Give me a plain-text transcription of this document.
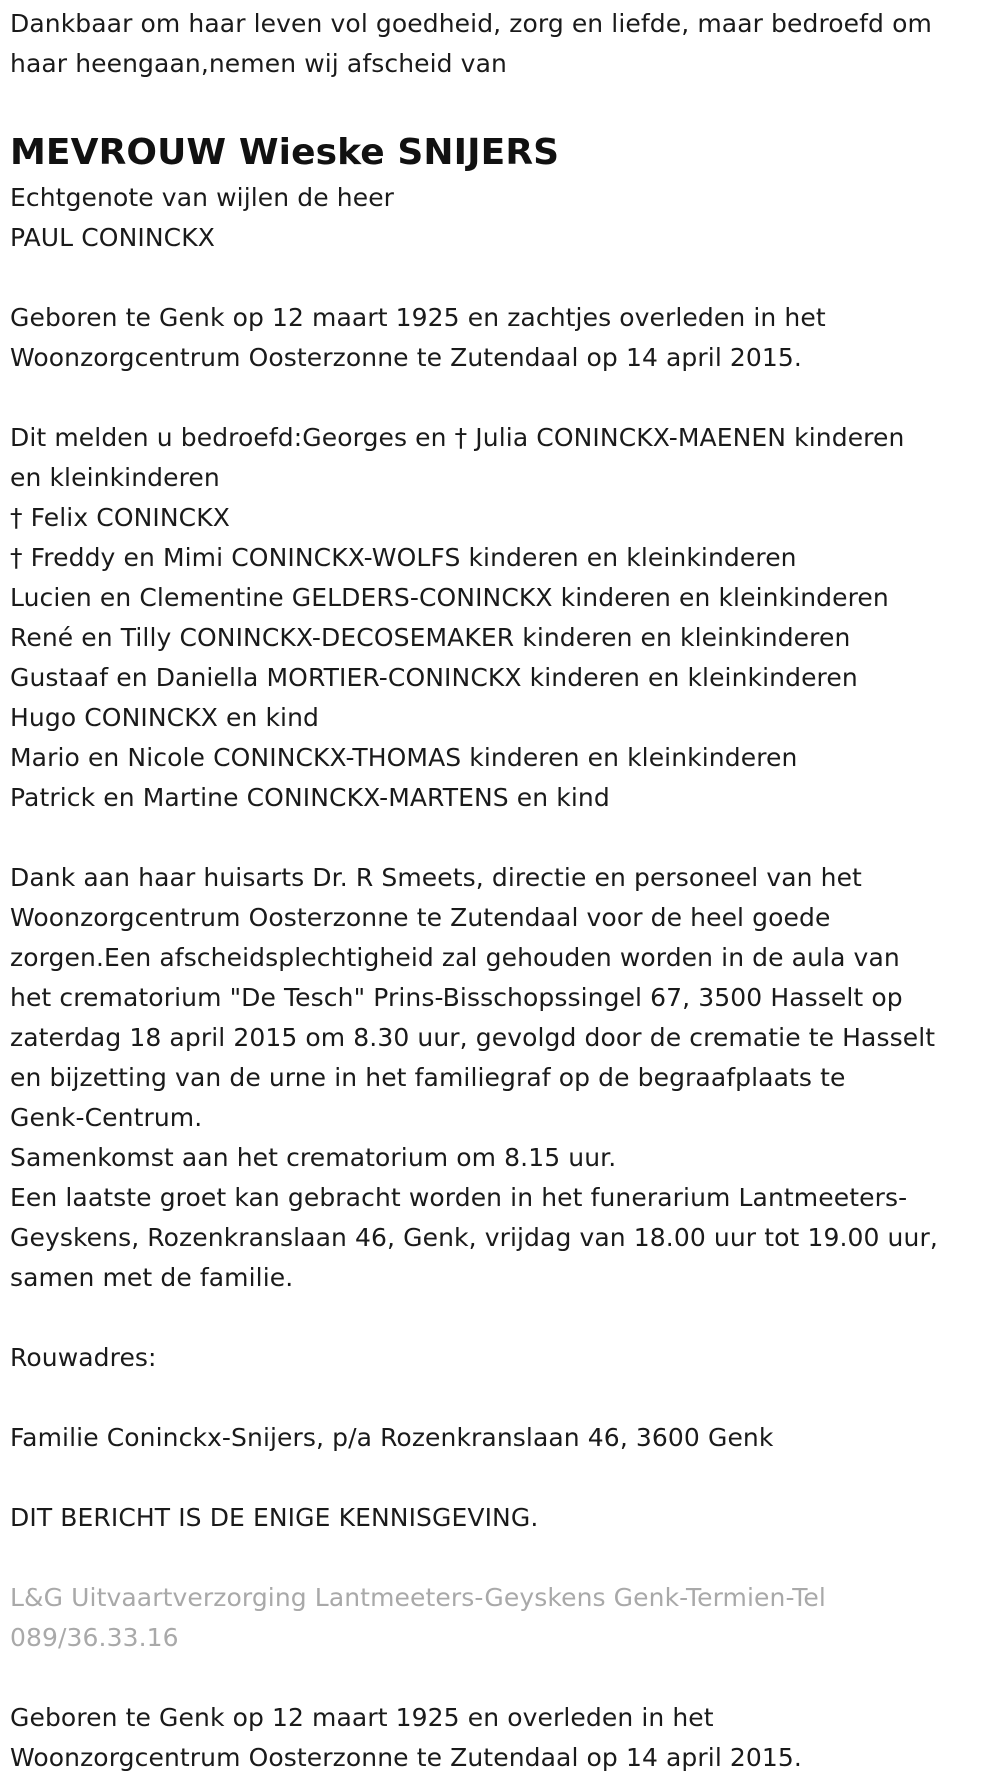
Dankbaar om haar leven vol goedheid, zorg en liefde, maar bedroefd om
haar heengaan,nemen wij afscheid van
MEVROUW Wieske SNIJERS
Echtgenote van wijlen de heer
PAUL CONINCKX
Geboren te Genk op 12 maart 1925 en zachtjes overleden in het
Woonzorgcentrum Oosterzonne te Zutendaal op 14 april 2015.
Dit melden u bedroefd:Georges en † Julia CONINCKX-MAENEN kinderen
en kleinkinderen
† Felix CONINCKX
† Freddy en Mimi CONINCKX-WOLFS kinderen en kleinkinderen
Lucien en Clementine GELDERS-CONINCKX kinderen en kleinkinderen
René en Tilly CONINCKX-DECOSEMAKER kinderen en kleinkinderen
Gustaaf en Daniella MORTIER-CONINCKX kinderen en kleinkinderen
Hugo CONINCKX en kind
Mario en Nicole CONINCKX-THOMAS kinderen en kleinkinderen
Patrick en Martine CONINCKX-MARTENS en kind
Dank aan haar huisarts Dr. R Smeets, directie en personeel van het
Woonzorgcentrum Oosterzonne te Zutendaal voor de heel goede
zorgen.Een afscheidsplechtigheid zal gehouden worden in de aula van
het crematorium "De Tesch" Prins-Bisschopssingel 67, 3500 Hasselt op
zaterdag 18 april 2015 om 8.30 uur, gevolgd door de crematie te Hasselt
en bijzetting van de urne in het familiegraf op de begraafplaats te
Genk-Centrum.
Samenkomst aan het crematorium om 8.15 uur.
Een laatste groet kan gebracht worden in het funerarium Lantmeeters-
Geyskens, Rozenkranslaan 46, Genk, vrijdag van 18.00 uur tot 19.00 uur,
samen met de familie.
Rouwadres:
Familie Coninckx-Snijers, p/a Rozenkranslaan 46, 3600 Genk
DIT BERICHT IS DE ENIGE KENNISGEVING.
L&G Uitvaartverzorging Lantmeeters-Geyskens Genk-Termien-Tel
089/36.33.16
Geboren te Genk op 12 maart 1925 en overleden in het
Woonzorgcentrum Oosterzonne te Zutendaal op 14 april 2015.
